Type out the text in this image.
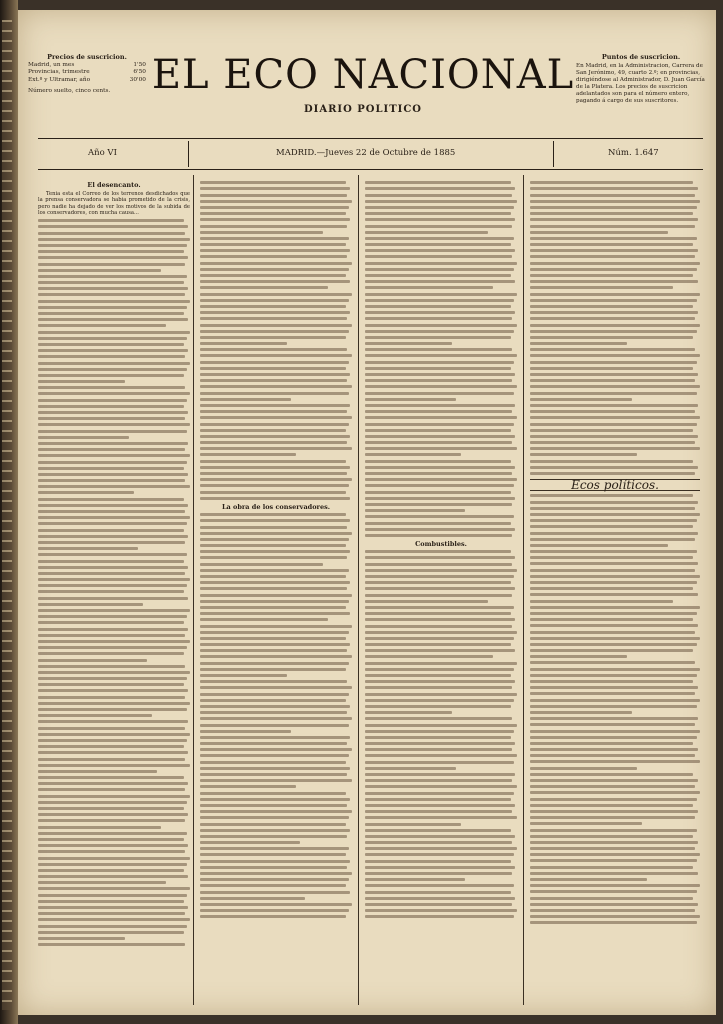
Precios de suscricion.
Madrid, un mes	1'50
Provincias, trimestre	6'50
Ext.º y Ultramar, año	30'00
Número suelto, cinco cents.	EL ECO NACIONAL
DIARIO POLITICO
Puntos de suscricion.
En Madrid, en la Administracion, Carrera de San Jerónimo, 49, cuarto 2.º; en provincias, dirigiéndose al Administrador, D. Juan García de la Platera. Los precios de suscricion adelantados son para el número entero, pagando á cargo de sus suscritores.
Año VI	MADRID.—Jueves 22 de Octubre de 1885	Núm. 1.647
El desencanto.

Tenia esta el Correo de los terrenos desdichados que la prensa conservadora se habia prometido de la crisis, pero nadie ha dejado de ver los motivos de la subida de los conservadores, con mucha causa...

La obra de los conservadores.
Combustibles.
Ecos políticos.
